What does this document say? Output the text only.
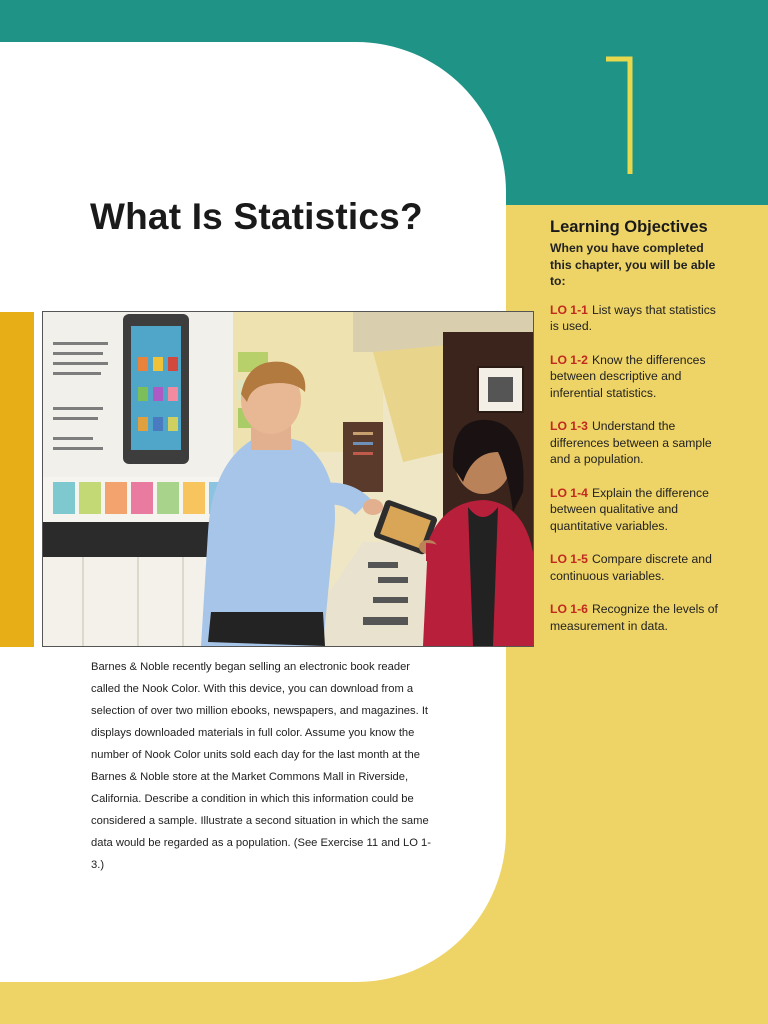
What Is Statistics?
Barnes & Noble recently began selling an electronic book reader called the Nook Color. With this device, you can download from a selection of over two million ebooks, newspapers, and magazines. It displays downloaded materials in full color. Assume you know the number of Nook Color units sold each day for the last month at the Barnes & Noble store at the Market Commons Mall in Riverside, California. Describe a condition in which this information could be considered a sample. Illustrate a second situation in which the same data would be regarded as a population. (See Exercise 11 and LO 1-3.)
Learning Objectives
When you have completed this chapter, you will be able to:
LO 1-1 List ways that statistics is used.
LO 1-2 Know the differences between descriptive and inferential statistics.
LO 1-3 Understand the differences between a sample and a population.
LO 1-4 Explain the difference between qualitative and quantitative variables.
LO 1-5 Compare discrete and continuous variables.
LO 1-6 Recognize the levels of measurement in data.
